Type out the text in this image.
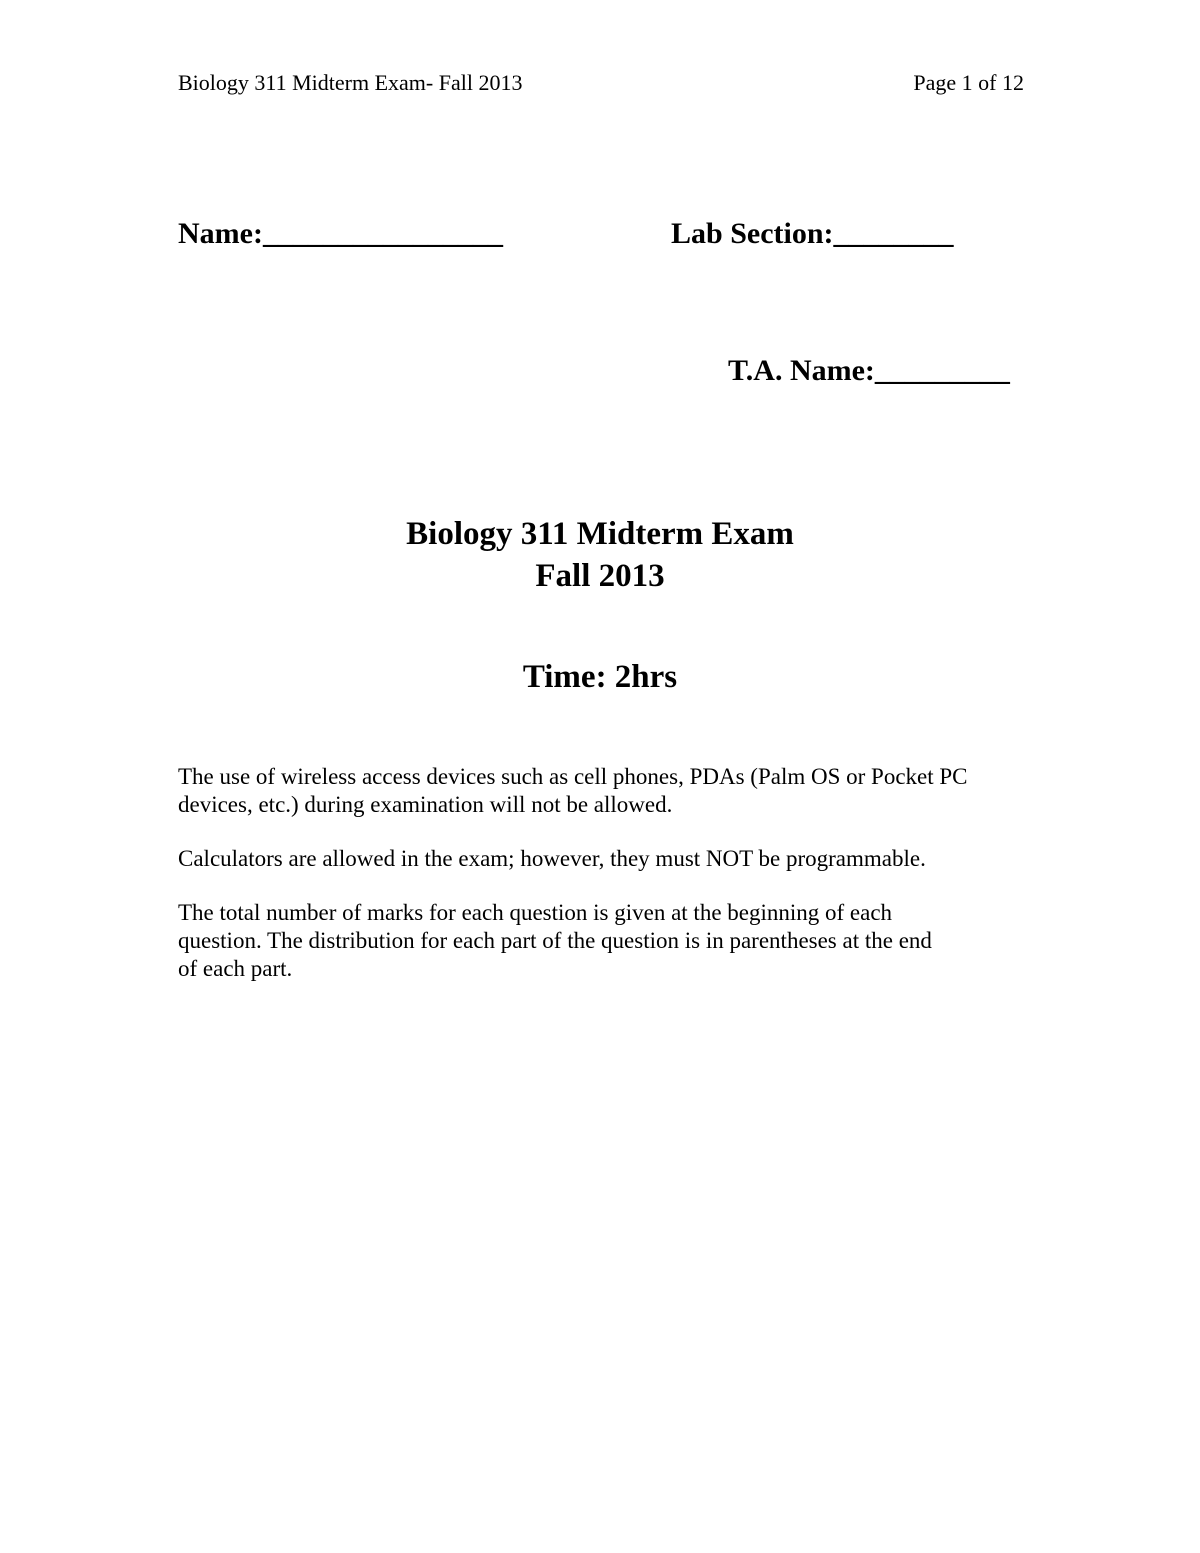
Biology 311 Midterm Exam- Fall 2013	Page 1 of 12
Name:________________	Lab Section:________
T.A. Name:_________
Biology 311 Midterm Exam
Fall 2013
Time: 2hrs
The use of wireless access devices such as cell phones, PDAs (Palm OS or Pocket PC
devices, etc.) during examination will not be allowed.
Calculators are allowed in the exam; however, they must NOT be programmable.
The total number of marks for each question is given at the beginning of each
question. The distribution for each part of the question is in parentheses at the end
of each part.
